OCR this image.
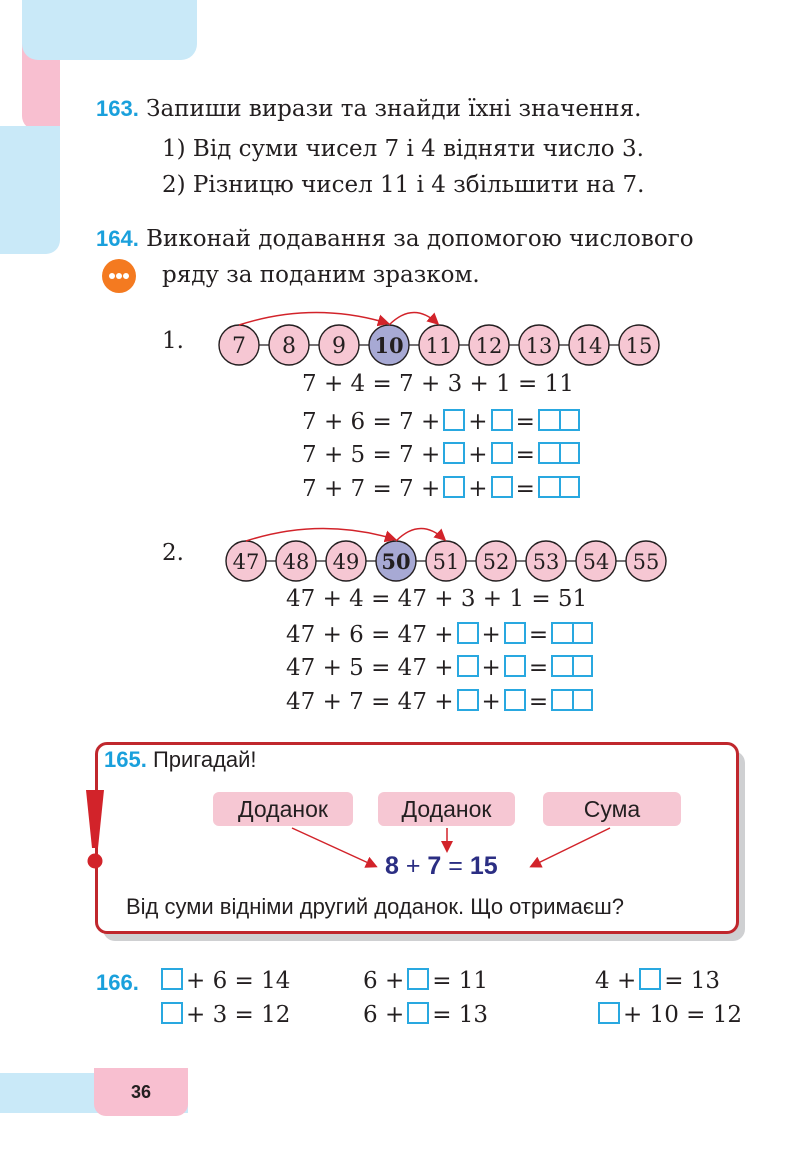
163. Запиши вирази та знайди їхні значення.
1) Від суми чисел 7 і 4 відняти число 3.
2) Різницю чисел 11 і 4 збільшити на 7.
164. Виконай додавання за допомогою числового
ряду за поданим зразком.
1. 7 8 9 10 11 12 13 14 15
7 + 4 = 7 + 3 + 1 = 11
7 + 6 = 7 + + =
7 + 5 = 7 + + =
7 + 7 = 7 + + =
2. 47 48 49 50 51 52 53 54 55
47 + 4 = 47 + 3 + 1 = 51
47 + 6 = 47 + + =
47 + 5 = 47 + + =
47 + 7 = 47 + + =
165. Пригадай!
Доданок	Доданок	Сума
8 + 7 = 15
Від суми відніми другий доданок. Що отримаєш?
166.	+ 6 = 14	6 + = 11	4 + = 13
+ 3 = 12	6 + = 13	+ 10 = 12
36
